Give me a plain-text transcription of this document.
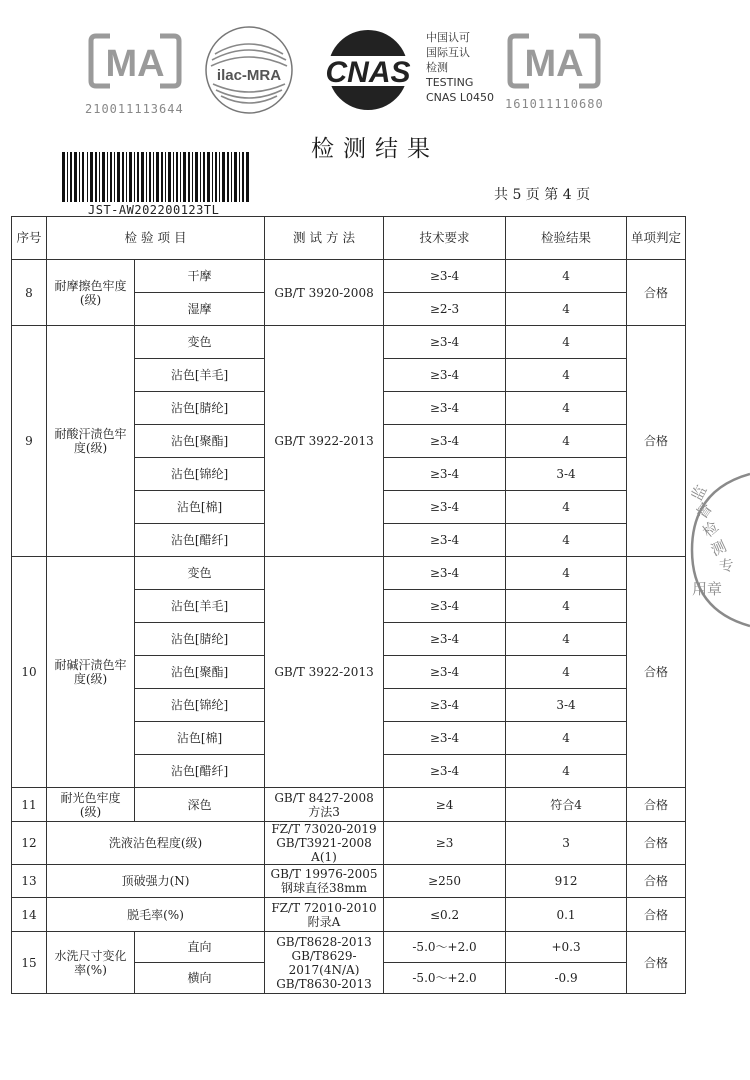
MA
210011113644
ilac-MRA CNAS
中国认可
国际互认
检测
TESTING
CNAS L0450
MA
161011110680
检测结果
JST-AW202200123TL
共 5 页 第 4 页
监
督
检
测
专
用章
序号	检 验 项 目		测 试 方 法	技术要求	检验结果	单项判定
8	耐摩擦色牢度(级)	干摩	GB/T 3920-2008	≥3-4	4	合格
		湿摩		≥2-3	4	
9	耐酸汗渍色牢度(级)	变色	GB/T 3922-2013	≥3-4	4	合格
		沾色[羊毛]		≥3-4	4	
		沾色[腈纶]		≥3-4	4	
		沾色[聚酯]		≥3-4	4	
		沾色[锦纶]		≥3-4	3-4	
		沾色[棉]		≥3-4	4	
		沾色[醋纤]		≥3-4	4	
10	耐碱汗渍色牢度(级)	变色	GB/T 3922-2013	≥3-4	4	合格
		沾色[羊毛]		≥3-4	4	
		沾色[腈纶]		≥3-4	4	
		沾色[聚酯]		≥3-4	4	
		沾色[锦纶]		≥3-4	3-4	
		沾色[棉]		≥3-4	4	
		沾色[醋纤]		≥3-4	4	
11	耐光色牢度(级)	深色	GB/T 8427-2008 方法3	≥4	符合4	合格
12	洗液沾色程度(级)		FZ/T 73020-2019 GB/T3921-2008 A(1)	≥3	3	合格
13	顶破强力(N)		GB/T 19976-2005 钢球直径38mm	≥250	912	合格
14	脱毛率(%)		FZ/T 72010-2010 附录A	≤0.2	0.1	合格
15	水洗尺寸变化率(%)	直向	GB/T8628-2013 GB/T8629-2017(4N/A) GB/T8630-2013	-5.0～+2.0	+0.3	合格
		横向		-5.0～+2.0	-0.9	
